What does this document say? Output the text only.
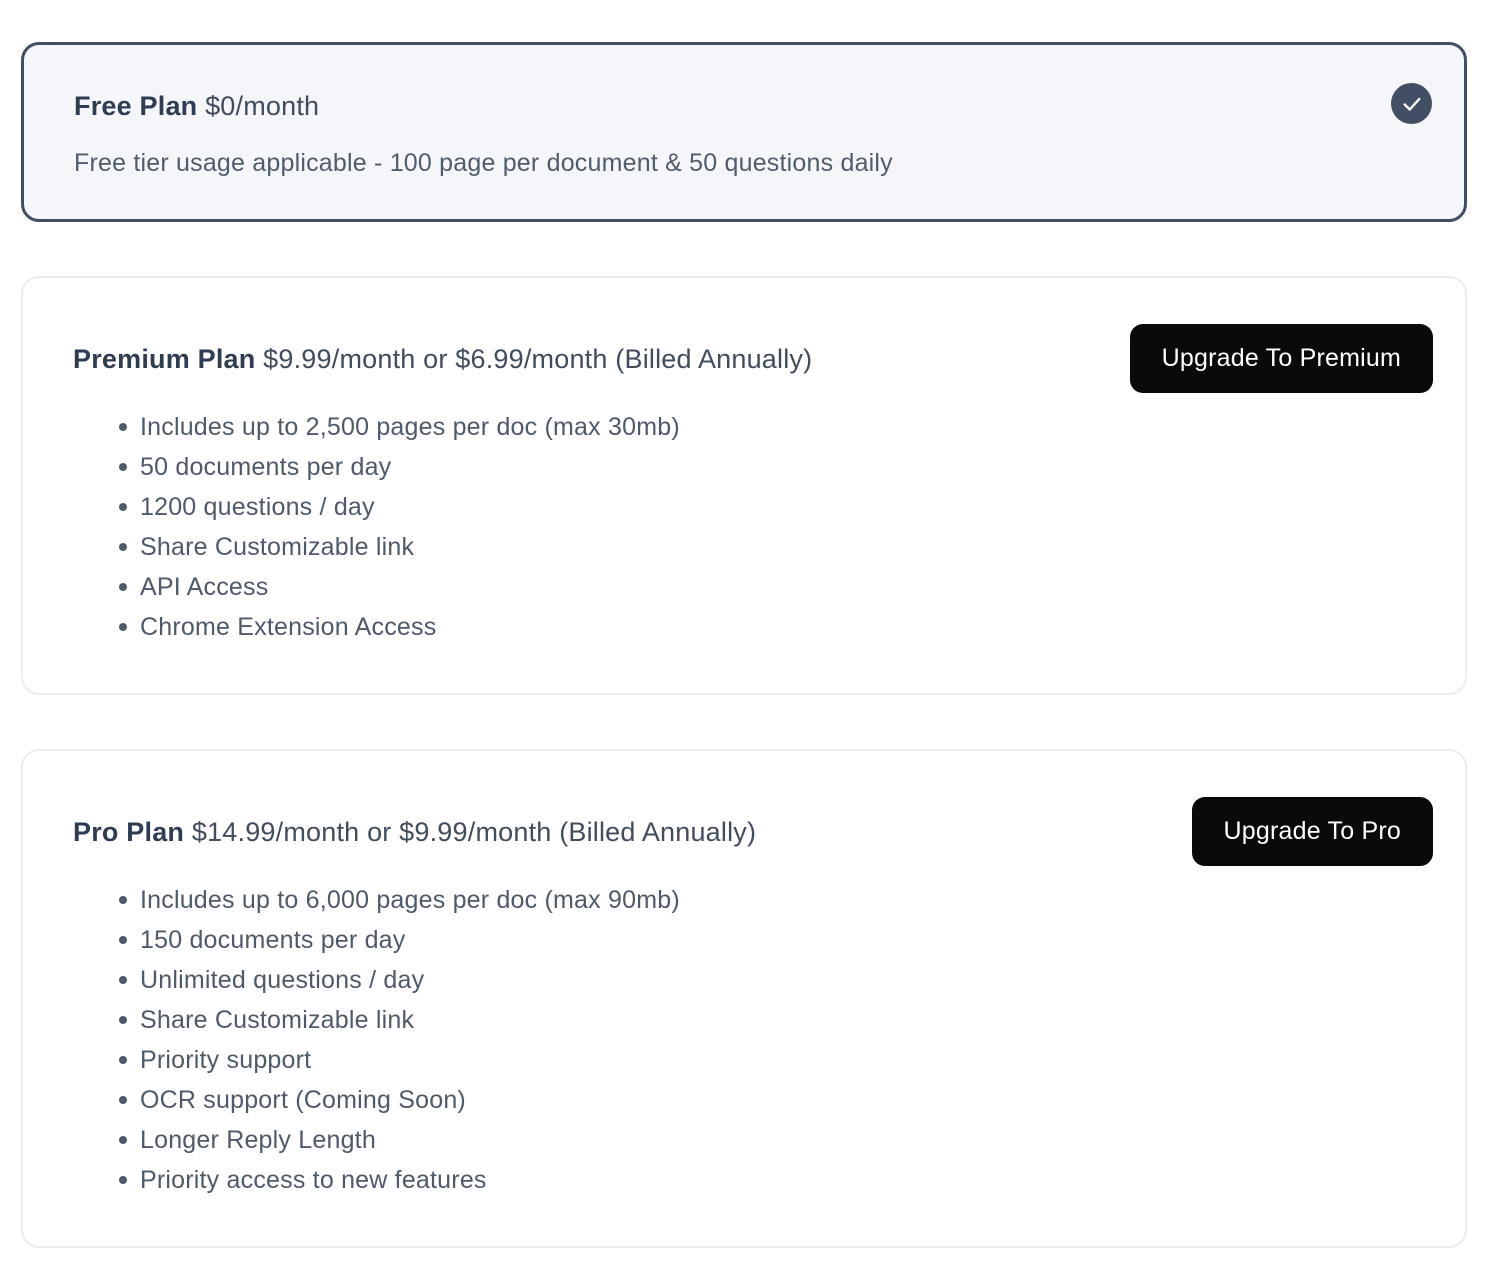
Free Plan $0/month
Free tier usage applicable - 100 page per document & 50 questions daily
Premium Plan $9.99/month or $6.99/month (Billed Annually)	Upgrade To Premium
Includes up to 2,500 pages per doc (max 30mb)
50 documents per day
1200 questions / day
Share Customizable link
API Access
Chrome Extension Access
Pro Plan $14.99/month or $9.99/month (Billed Annually)	Upgrade To Pro
Includes up to 6,000 pages per doc (max 90mb)
150 documents per day
Unlimited questions / day
Share Customizable link
Priority support
OCR support (Coming Soon)
Longer Reply Length
Priority access to new features
